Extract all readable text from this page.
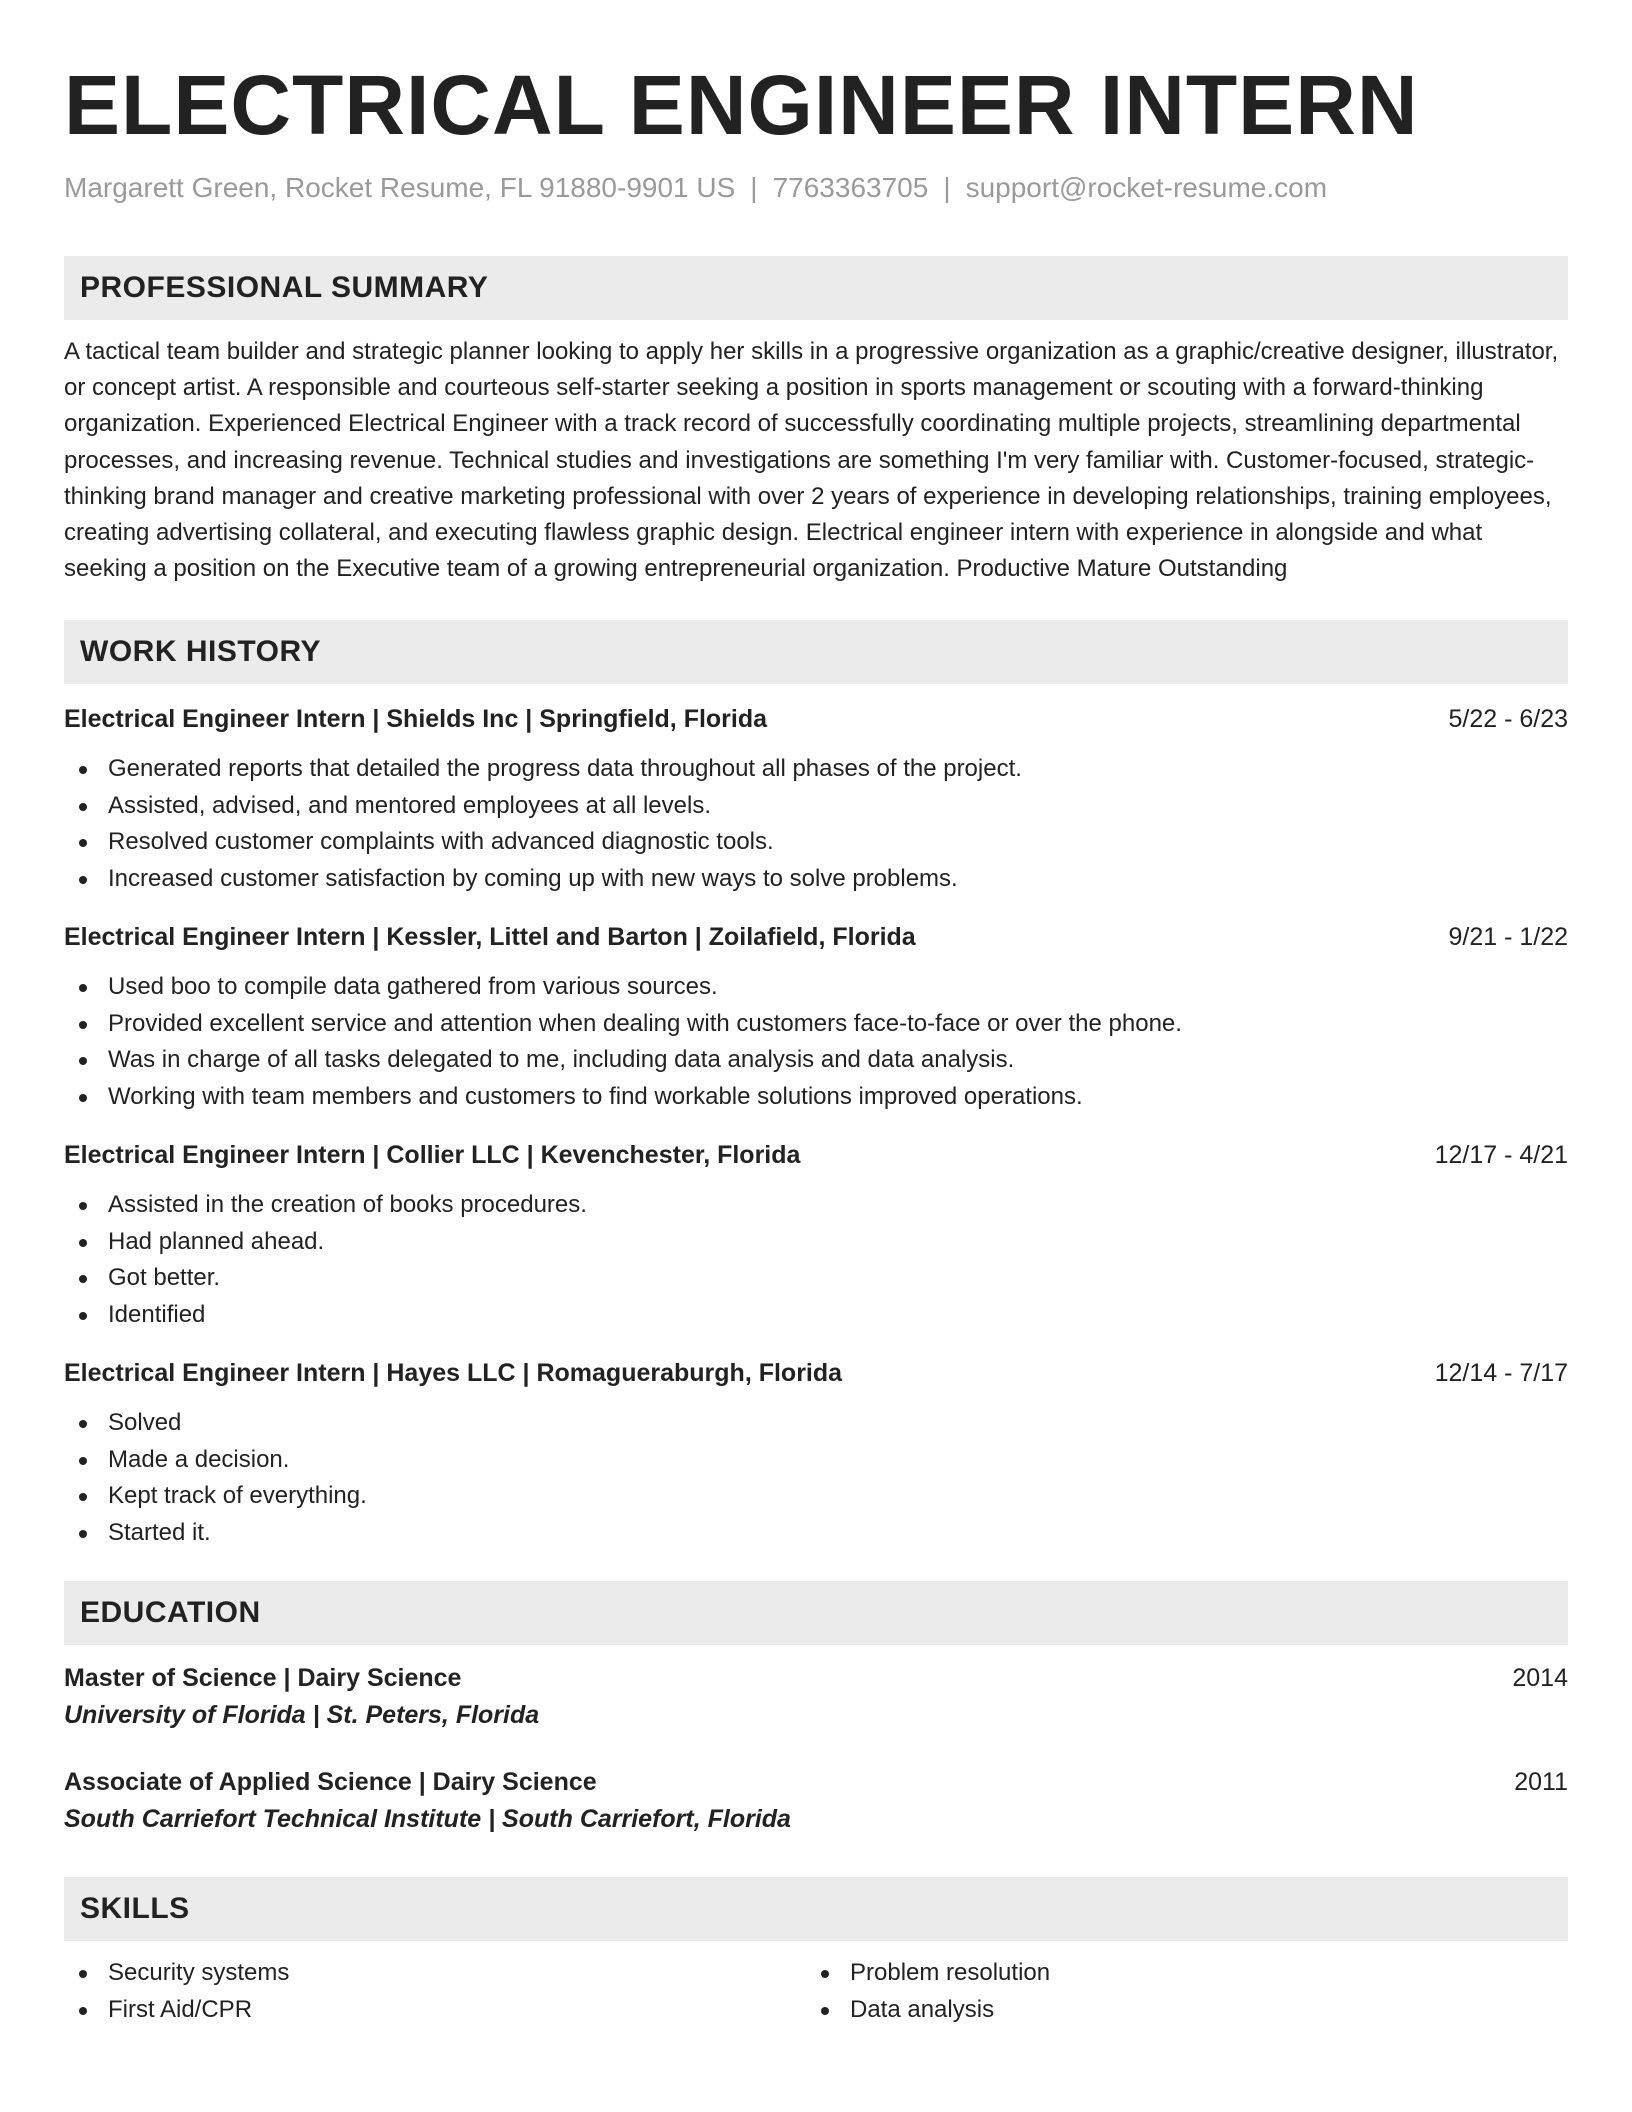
ELECTRICAL ENGINEER INTERN
Margarett Green, Rocket Resume, FL 91880-9901 US | 7763363705 | support@rocket-resume.com
PROFESSIONAL SUMMARY
A tactical team builder and strategic planner looking to apply her skills in a progressive organization as a graphic/creative designer, illustrator, or concept artist. A responsible and courteous self-starter seeking a position in sports management or scouting with a forward-thinking organization. Experienced Electrical Engineer with a track record of successfully coordinating multiple projects, streamlining departmental processes, and increasing revenue. Technical studies and investigations are something I'm very familiar with. Customer-focused, strategic-thinking brand manager and creative marketing professional with over 2 years of experience in developing relationships, training employees, creating advertising collateral, and executing flawless graphic design. Electrical engineer intern with experience in alongside and what seeking a position on the Executive team of a growing entrepreneurial organization. Productive Mature Outstanding
WORK HISTORY
Electrical Engineer Intern | Shields Inc | Springfield, Florida	5/22 - 6/23
Generated reports that detailed the progress data throughout all phases of the project.
Assisted, advised, and mentored employees at all levels.
Resolved customer complaints with advanced diagnostic tools.
Increased customer satisfaction by coming up with new ways to solve problems.
Electrical Engineer Intern | Kessler, Littel and Barton | Zoilafield, Florida	9/21 - 1/22
Used boo to compile data gathered from various sources.
Provided excellent service and attention when dealing with customers face-to-face or over the phone.
Was in charge of all tasks delegated to me, including data analysis and data analysis.
Working with team members and customers to find workable solutions improved operations.
Electrical Engineer Intern | Collier LLC | Kevenchester, Florida	12/17 - 4/21
Assisted in the creation of books procedures.
Had planned ahead.
Got better.
Identified
Electrical Engineer Intern | Hayes LLC | Romagueraburgh, Florida	12/14 - 7/17
Solved
Made a decision.
Kept track of everything.
Started it.
EDUCATION
Master of Science | Dairy Science	2014
University of Florida | St. Peters, Florida
Associate of Applied Science | Dairy Science	2011
South Carriefort Technical Institute | South Carriefort, Florida
SKILLS
Security systems
First Aid/CPR
Problem resolution
Data analysis
